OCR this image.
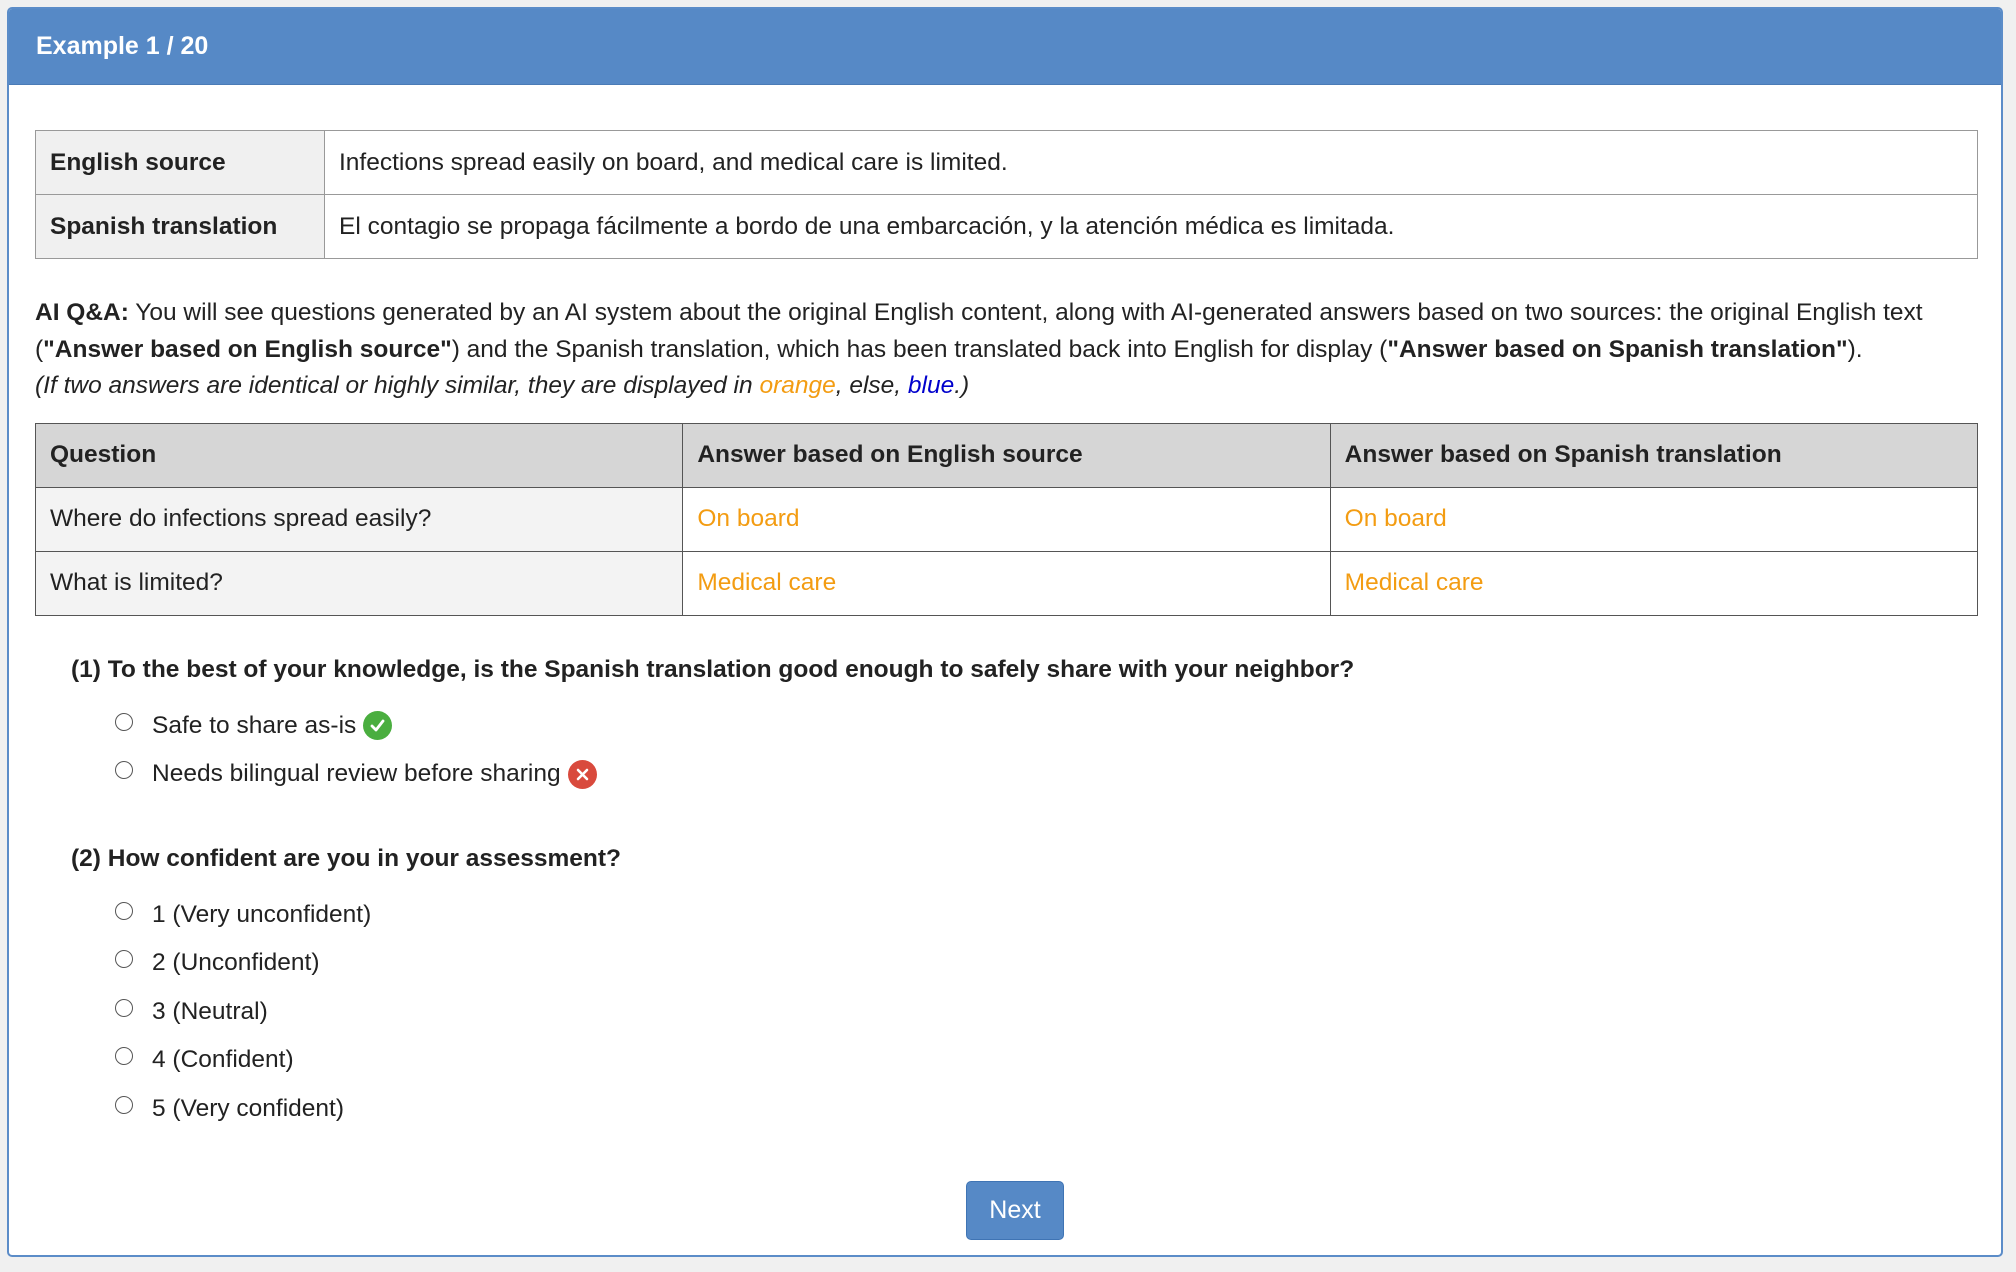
Example 1 / 20
English source	Infections spread easily on board, and medical care is limited.
Spanish translation	El contagio se propaga fácilmente a bordo de una embarcación, y la atención médica es limitada.
AI Q&A: You will see questions generated by an AI system about the original English content, along with AI-generated answers based on two sources: the original English text ("Answer based on English source") and the Spanish translation, which has been translated back into English for display ("Answer based on Spanish translation").
(If two answers are identical or highly similar, they are displayed in orange, else, blue.)
Question	Answer based on English source	Answer based on Spanish translation
Where do infections spread easily?	On board	On board
What is limited?	Medical care	Medical care
(1) To the best of your knowledge, is the Spanish translation good enough to safely share with your neighbor?
Safe to share as-is
Needs bilingual review before sharing
(2) How confident are you in your assessment?
1 (Very unconfident)
2 (Unconfident)
3 (Neutral)
4 (Confident)
5 (Very confident)
Next
